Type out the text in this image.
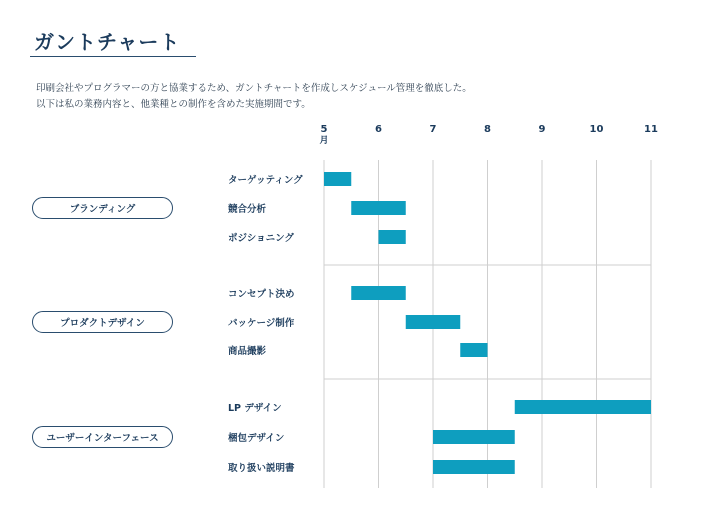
ガントチャート
印刷会社やプログラマーの方と協業するため、ガントチャートを作成しスケジュール管理を徹底した。
以下は私の業務内容と、他業種との制作を含めた実施期間です。
ブランディング
ターゲッティング
競合分析
ポジショニング
プロダクトデザイン
コンセプト決め
パッケージ制作
商品撮影
ユーザーインターフェース
LP デザイン
梱包デザイン
取り扱い説明書
5	6	7	8	9	10	11
月
